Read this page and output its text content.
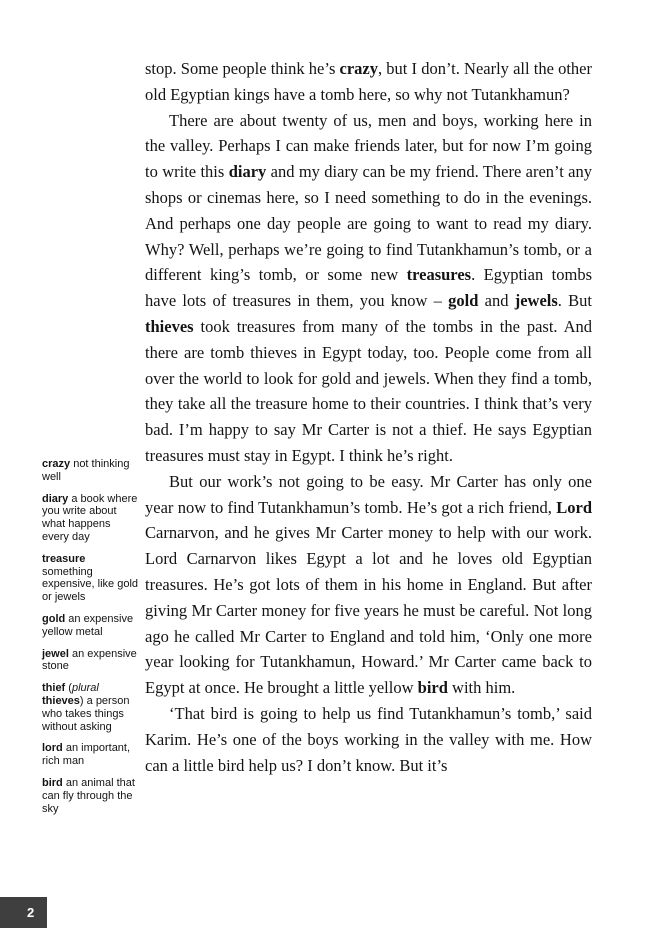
stop. Some people think he’s crazy, but I don’t. Nearly all the other old Egyptian kings have a tomb here, so why not Tutankhamun?

There are about twenty of us, men and boys, working here in the valley. Perhaps I can make friends later, but for now I’m going to write this diary and my diary can be my friend. There aren’t any shops or cinemas here, so I need something to do in the evenings. And perhaps one day people are going to want to read my diary. Why? Well, perhaps we’re going to find Tutankhamun’s tomb, or a different king’s tomb, or some new treasures. Egyptian tombs have lots of treasures in them, you know – gold and jewels. But thieves took treasures from many of the tombs in the past. And there are tomb thieves in Egypt today, too. People come from all over the world to look for gold and jewels. When they find a tomb, they take all the treasure home to their countries. I think that’s very bad. I’m happy to say Mr Carter is not a thief. He says Egyptian treasures must stay in Egypt. I think he’s right.

But our work’s not going to be easy. Mr Carter has only one year now to find Tutankhamun’s tomb. He’s got a rich friend, Lord Carnarvon, and he gives Mr Carter money to help with our work. Lord Carnarvon likes Egypt a lot and he loves old Egyptian treasures. He’s got lots of them in his home in England. But after giving Mr Carter money for five years he must be careful. Not long ago he called Mr Carter to England and told him, ‘Only one more year looking for Tutankhamun, Howard.’ Mr Carter came back to Egypt at once. He brought a little yellow bird with him.

‘That bird is going to help us find Tutankhamun’s tomb,’ said Karim. He’s one of the boys working in the valley with me. How can a little bird help us? I don’t know. But it’s

crazy not thinking well
diary a book where you write about what happens every day
treasure something expensive, like gold or jewels
gold an expensive yellow metal
jewel an expensive stone
thief (plural thieves) a person who takes things without asking
lord an important, rich man
bird an animal that can fly through the sky
2
